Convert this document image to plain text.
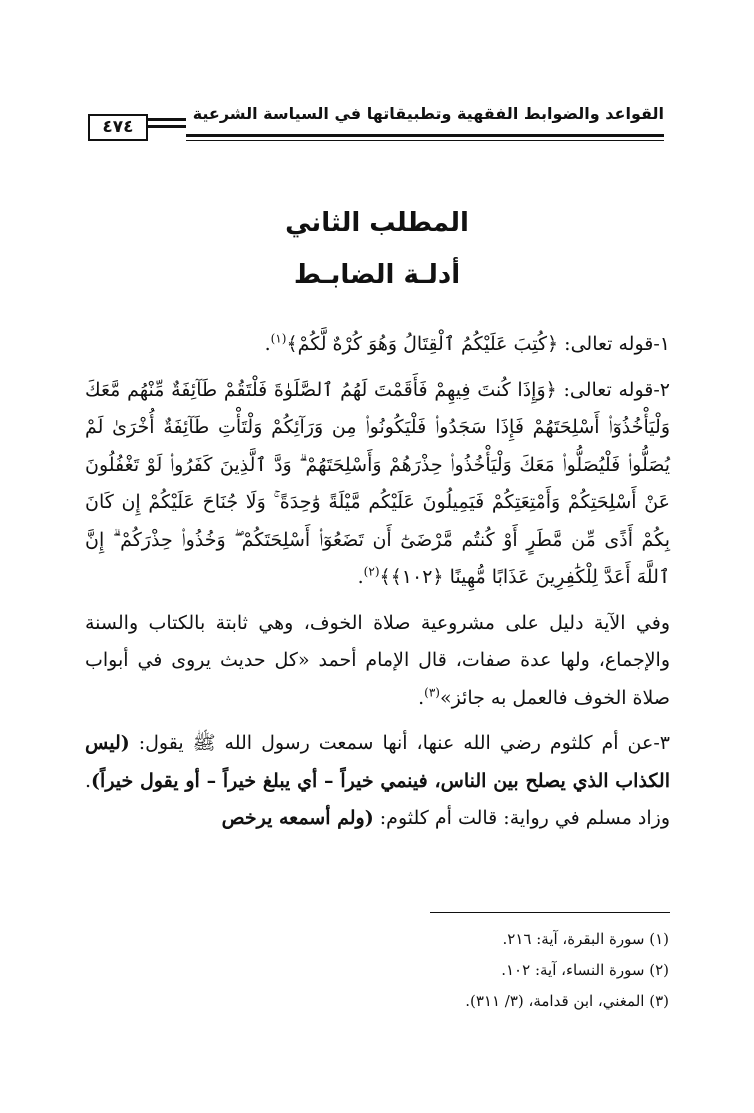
٤٧٤
القواعد والضوابط الفقهية وتطبيقاتها في السياسة الشرعية
المطلب الثاني
أدلـة الضابـط

١-قوله تعالى: ﴿كُتِبَ عَلَيْكُمُ ٱلْقِتَالُ وَهُوَ كُرْهٌ لَّكُمْ﴾$^{(١)}$.

٢-قوله تعالى: ﴿وَإِذَا كُنتَ فِيهِمْ فَأَقَمْتَ لَهُمُ ٱلصَّلَوٰةَ فَلْتَقُمْ طَآئِفَةٌ مِّنْهُم مَّعَكَ وَلْيَأْخُذُوٓا۟ أَسْلِحَتَهُمْ فَإِذَا سَجَدُوا۟ فَلْيَكُونُوا۟ مِن وَرَآئِكُمْ وَلْتَأْتِ طَآئِفَةٌ أُخْرَىٰ لَمْ يُصَلُّوا۟ فَلْيُصَلُّوا۟ مَعَكَ وَلْيَأْخُذُوا۟ حِذْرَهُمْ وَأَسْلِحَتَهُمْ ۗ وَدَّ ٱلَّذِينَ كَفَرُوا۟ لَوْ تَغْفُلُونَ عَنْ أَسْلِحَتِكُمْ وَأَمْتِعَتِكُمْ فَيَمِيلُونَ عَلَيْكُم مَّيْلَةً وَٰحِدَةً ۚ وَلَا جُنَاحَ عَلَيْكُمْ إِن كَانَ بِكُمْ أَذًى مِّن مَّطَرٍ أَوْ كُنتُم مَّرْضَىٰٓ أَن تَضَعُوٓا۟ أَسْلِحَتَكُمْ ۖ وَخُذُوا۟ حِذْرَكُمْ ۗ إِنَّ ٱللَّهَ أَعَدَّ لِلْكَٰفِرِينَ عَذَابًا مُّهِينًا ﴿١٠٢﴾﴾$^{(٢)}$.

وفي الآية دليل على مشروعية صلاة الخوف، وهي ثابتة بالكتاب والسنة والإجماع، ولها عدة صفات، قال الإمام أحمد «كل حديث يروى في أبواب صلاة الخوف فالعمل به جائز»$^{(٣)}$.

٣-عن أم كلثوم رضي الله عنها، أنها سمعت رسول الله ﷺ يقول: (ليس الكذاب الذي يصلح بين الناس، فينمي خيراً – أي يبلغ خيراً – أو يقول خيراً). وزاد مسلم في رواية: قالت أم كلثوم: (ولم أسمعه يرخص

(١) سورة البقرة، آية: ٢١٦.
(٢) سورة النساء، آية: ١٠٢.
(٣) المغني، ابن قدامة، (٣/ ٣١١).
